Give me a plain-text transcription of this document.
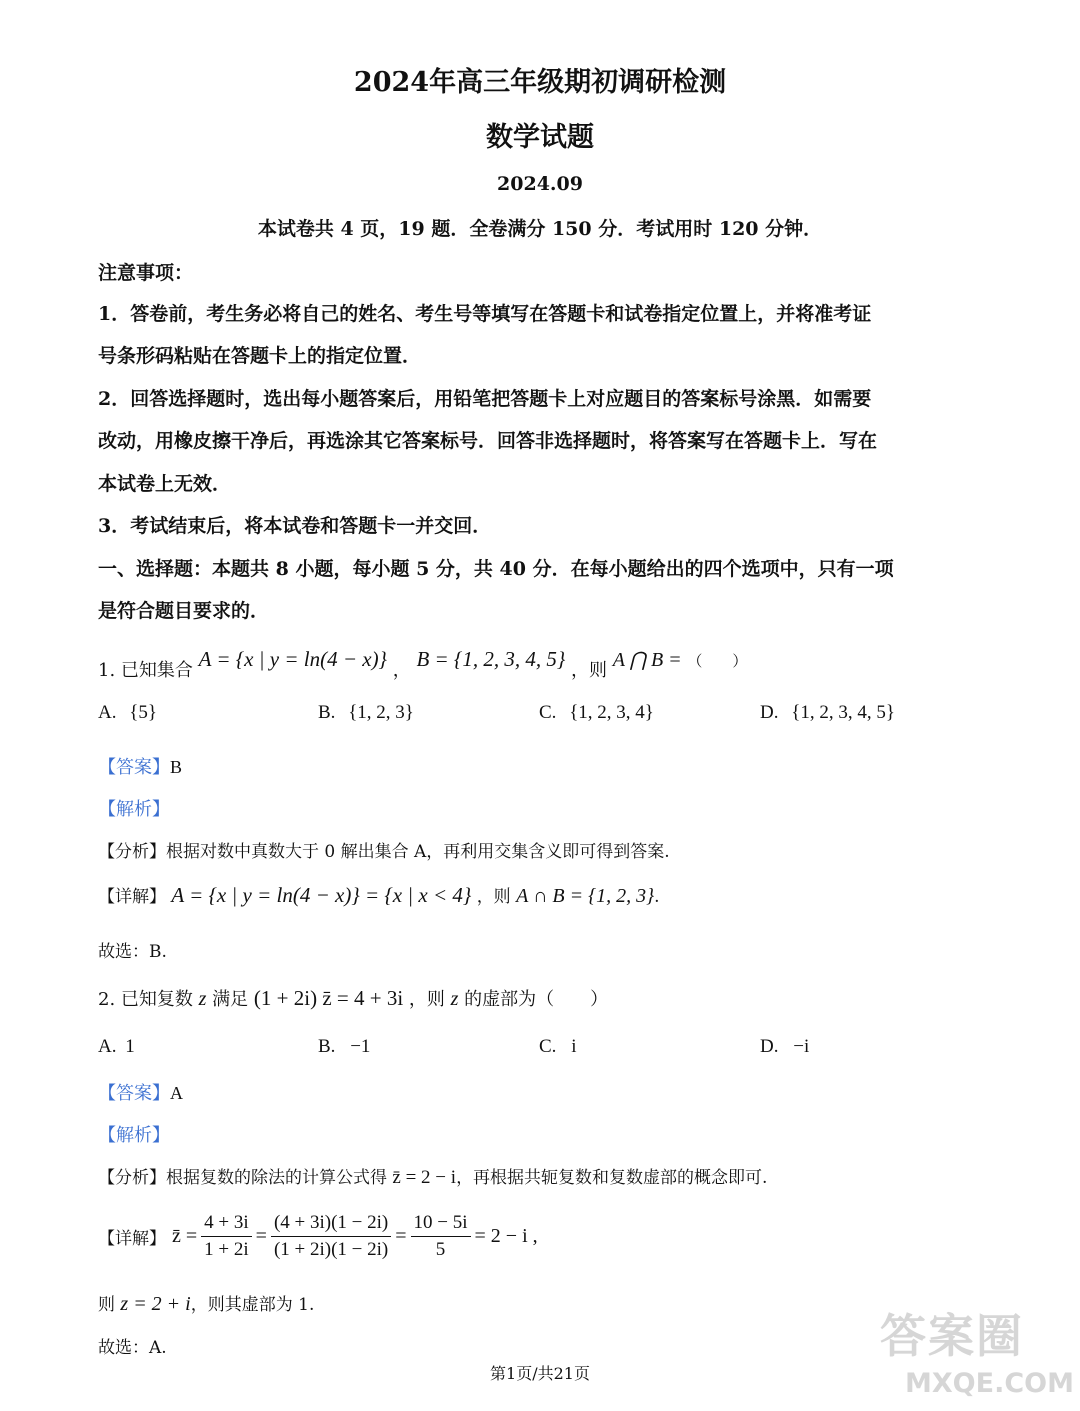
2024年高三年级期初调研检测
数学试题
2024.09
本试卷共 4 页，19 题．全卷满分 150 分．考试用时 120 分钟．
注意事项：
1．答卷前，考生务必将自己的姓名、考生号等填写在答题卡和试卷指定位置上，并将准考证
号条形码粘贴在答题卡上的指定位置．
2．回答选择题时，选出每小题答案后，用铅笔把答题卡上对应题目的答案标号涂黑．如需要
改动，用橡皮擦干净后，再选涂其它答案标号．回答非选择题时，将答案写在答题卡上．写在
本试卷上无效．
3．考试结束后，将本试卷和答题卡一并交回．
一、选择题：本题共 8 小题，每小题 5 分，共 40 分．在每小题给出的四个选项中，只有一项
是符合题目要求的．
1. 已知集合 A = {x | y = ln(4 − x)} ， B = {1, 2, 3, 4, 5} ，则 A ⋂ B = （　　）
A. {5}	B. {1, 2, 3}	C. {1, 2, 3, 4}	D. {1, 2, 3, 4, 5}
【答案】B
【解析】
【分析】根据对数中真数大于 0 解出集合 A，再利用交集含义即可得到答案.
【详解】 A = {x | y = ln(4 − x)} = {x | x < 4} ，则 A ∩ B = {1, 2, 3}.
故选：B.
2. 已知复数 z 满足 (1 + 2i) z̄ = 4 + 3i ，则 z 的虚部为（　　）
A. 1	B. −1	C. i	D. −i
【答案】A
【解析】
【分析】根据复数的除法的计算公式得 z̄ = 2 − i，再根据共轭复数和复数虚部的概念即可.
【详解】 z̄ = $\frac{4 + 3i}{1 + 2i} = \frac{(4 + 3i)(1 - 2i)}{(1 + 2i)(1 - 2i)} = \frac{10 - 5i}{5} = 2 - i$ ,
则 z = 2 + i，则其虚部为 1.
故选：A.
第1页/共21页
答案圈
MXQE.COM
